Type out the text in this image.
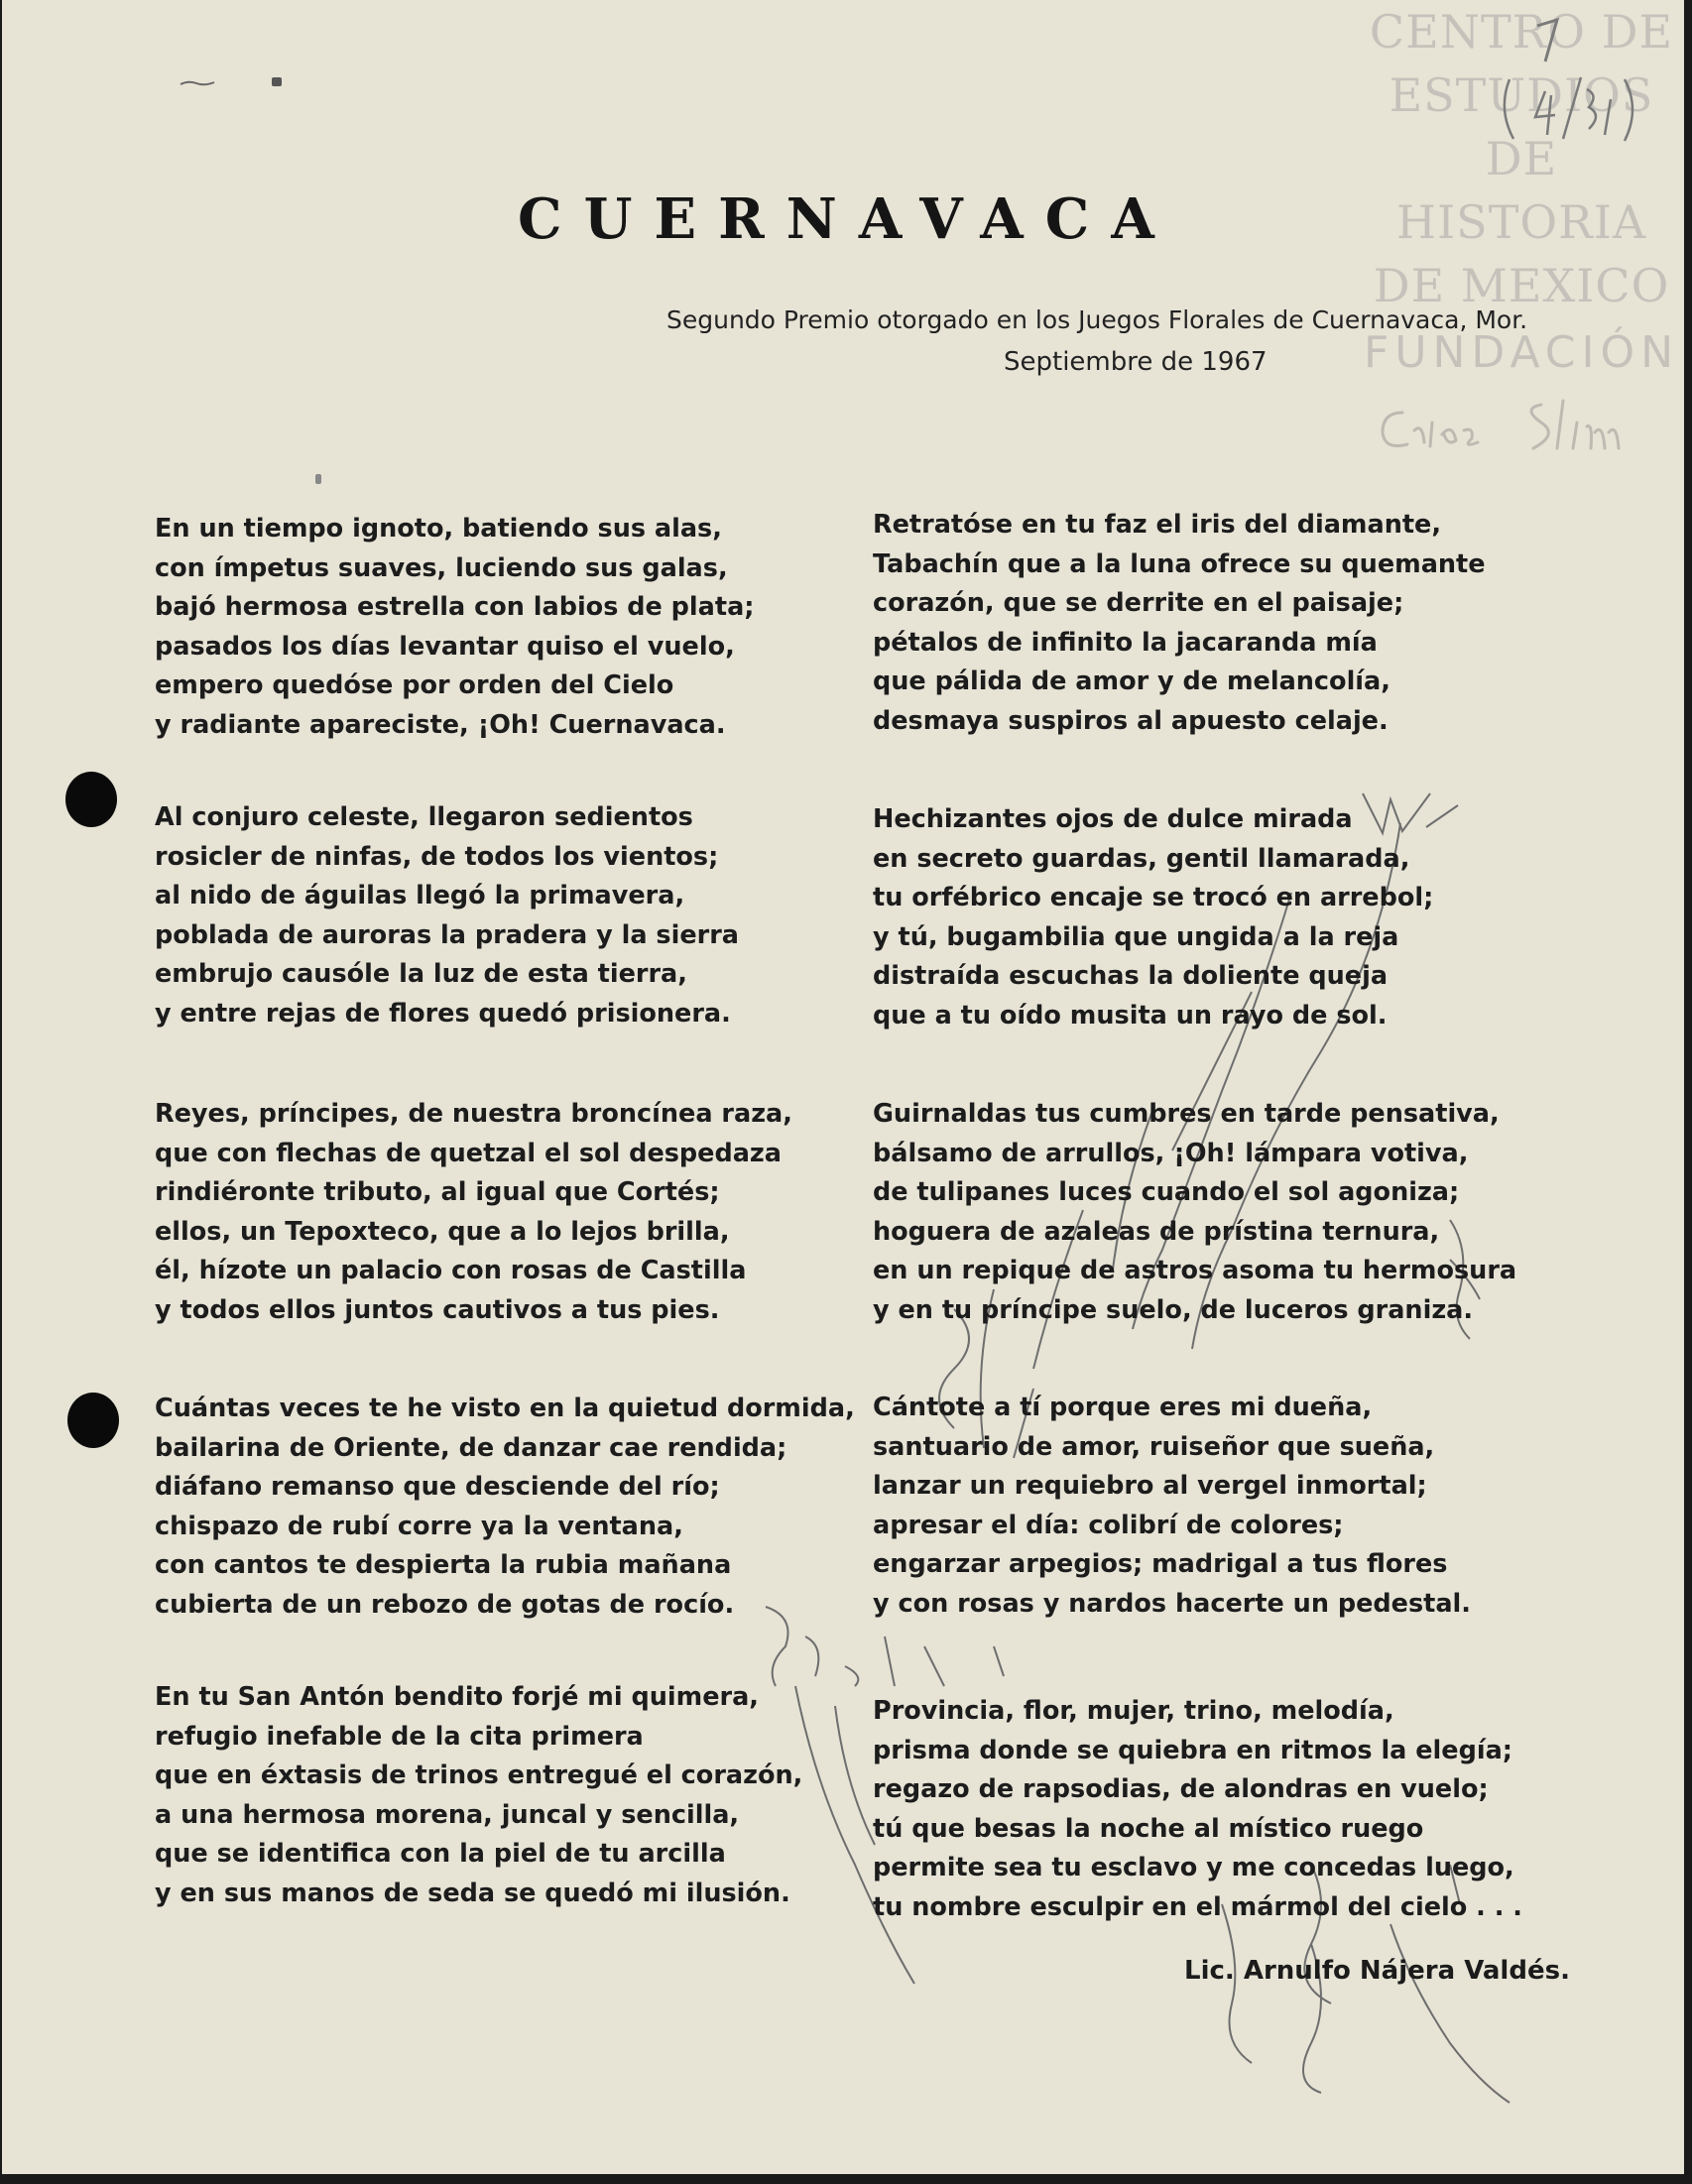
CUERNAVACA
Segundo Premio otorgado en los Juegos Florales de Cuernavaca, Mor.
Septiembre de 1967
CENTRO DE
ESTUDIOS
DE HISTORIA
DE MEXICO
FUNDACIÓN
En un tiempo ignoto, batiendo sus alas,
con ímpetus suaves, luciendo sus galas,
bajó hermosa estrella con labios de plata;
pasados los días levantar quiso el vuelo,
empero quedóse por orden del Cielo
y radiante apareciste, ¡Oh! Cuernavaca.
Al conjuro celeste, llegaron sedientos
rosicler de ninfas, de todos los vientos;
al nido de águilas llegó la primavera,
poblada de auroras la pradera y la sierra
embrujo causóle la luz de esta tierra,
y entre rejas de flores quedó prisionera.
Reyes, príncipes, de nuestra broncínea raza,
que con flechas de quetzal el sol despedaza
rindiéronte tributo, al igual que Cortés;
ellos, un Tepoxteco, que a lo lejos brilla,
él, hízote un palacio con rosas de Castilla
y todos ellos juntos cautivos a tus pies.
Cuántas veces te he visto en la quietud dormida,
bailarina de Oriente, de danzar cae rendida;
diáfano remanso que desciende del río;
chispazo de rubí corre ya la ventana,
con cantos te despierta la rubia mañana
cubierta de un rebozo de gotas de rocío.
En tu San Antón bendito forjé mi quimera,
refugio inefable de la cita primera
que en éxtasis de trinos entregué el corazón,
a una hermosa morena, juncal y sencilla,
que se identifica con la piel de tu arcilla
y en sus manos de seda se quedó mi ilusión.
Retratóse en tu faz el iris del diamante,
Tabachín que a la luna ofrece su quemante
corazón, que se derrite en el paisaje;
pétalos de infinito la jacaranda mía
que pálida de amor y de melancolía,
desmaya suspiros al apuesto celaje.
Hechizantes ojos de dulce mirada
en secreto guardas, gentil llamarada,
tu orfébrico encaje se trocó en arrebol;
y tú, bugambilia que ungida a la reja
distraída escuchas la doliente queja
que a tu oído musita un rayo de sol.
Guirnaldas tus cumbres en tarde pensativa,
bálsamo de arrullos, ¡Oh! lámpara votiva,
de tulipanes luces cuando el sol agoniza;
hoguera de azaleas de prístina ternura,
en un repique de astros asoma tu hermosura
y en tu príncipe suelo, de luceros graniza.
Cántote a tí porque eres mi dueña,
santuario de amor, ruiseñor que sueña,
lanzar un requiebro al vergel inmortal;
apresar el día: colibrí de colores;
engarzar arpegios; madrigal a tus flores
y con rosas y nardos hacerte un pedestal.
Provincia, flor, mujer, trino, melodía,
prisma donde se quiebra en ritmos la elegía;
regazo de rapsodias, de alondras en vuelo;
tú que besas la noche al místico ruego
permite sea tu esclavo y me concedas luego,
tu nombre esculpir en el mármol del cielo . . .
Lic. Arnulfo Nájera Valdés.
